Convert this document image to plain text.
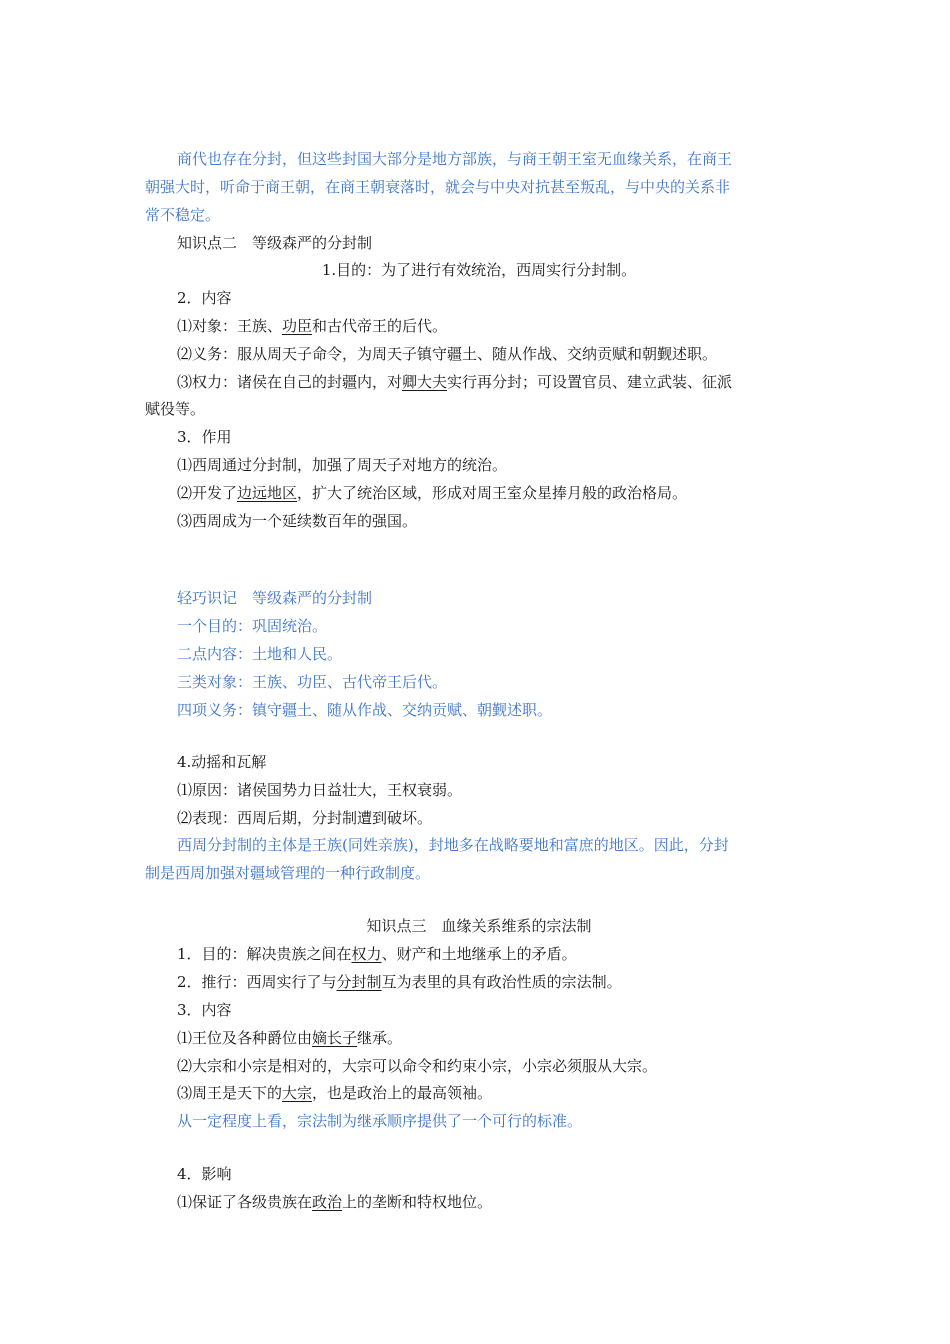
商代也存在分封，但这些封国大部分是地方部族，与商王朝王室无血缘关系，在商王
朝强大时，听命于商王朝，在商王朝衰落时，就会与中央对抗甚至叛乱，与中央的关系非
常不稳定。
知识点二　等级森严的分封制
1.目的：为了进行有效统治，西周实行分封制。
2．内容
⑴对象：王族、功臣和古代帝王的后代。
⑵义务：服从周天子命令，为周天子镇守疆土、随从作战、交纳贡赋和朝觐述职。
⑶权力：诸侯在自己的封疆内，对卿大夫实行再分封；可设置官员、建立武装、征派
赋役等。
3．作用
⑴西周通过分封制，加强了周天子对地方的统治。
⑵开发了边远地区，扩大了统治区域，形成对周王室众星捧月般的政治格局。
⑶西周成为一个延续数百年的强国。
轻巧识记　等级森严的分封制
一个目的：巩固统治。
二点内容：土地和人民。
三类对象：王族、功臣、古代帝王后代。
四项义务：镇守疆土、随从作战、交纳贡赋、朝觐述职。
4.动摇和瓦解
⑴原因：诸侯国势力日益壮大，王权衰弱。
⑵表现：西周后期，分封制遭到破坏。
西周分封制的主体是王族(同姓亲族)，封地多在战略要地和富庶的地区。因此，分封
制是西周加强对疆域管理的一种行政制度。
知识点三　血缘关系维系的宗法制
1．目的：解决贵族之间在权力、财产和土地继承上的矛盾。
2．推行：西周实行了与分封制互为表里的具有政治性质的宗法制。
3．内容
⑴王位及各种爵位由嫡长子继承。
⑵大宗和小宗是相对的，大宗可以命令和约束小宗，小宗必须服从大宗。
⑶周王是天下的大宗，也是政治上的最高领袖。
从一定程度上看，宗法制为继承顺序提供了一个可行的标准。
4．影响
⑴保证了各级贵族在政治上的垄断和特权地位。
